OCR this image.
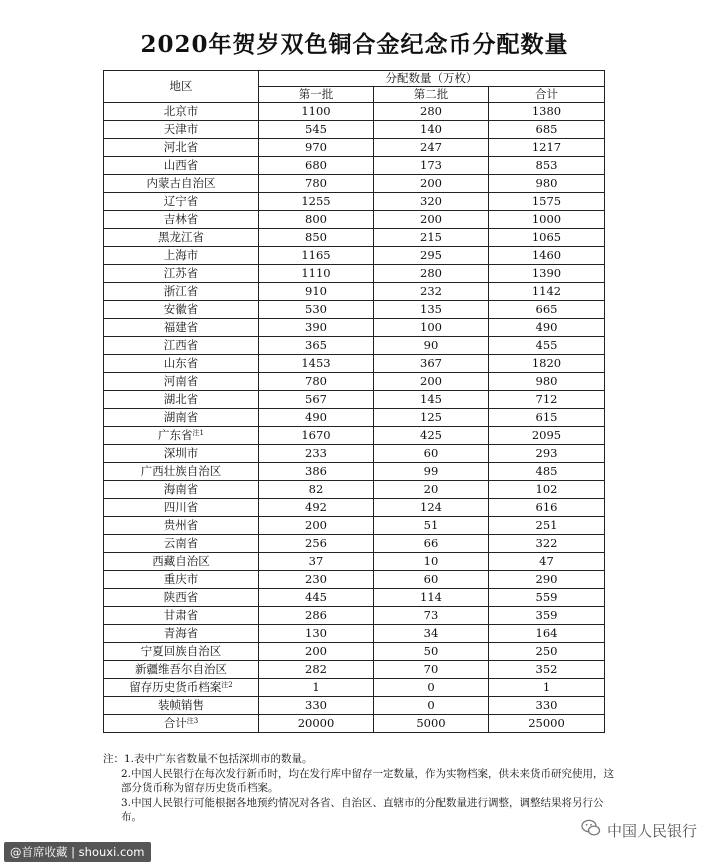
2020年贺岁双色铜合金纪念币分配数量
地区	分配数量（万枚）		
	第一批	第二批	合计
北京市	1100	280	1380
天津市	545	140	685
河北省	970	247	1217
山西省	680	173	853
内蒙古自治区	780	200	980
辽宁省	1255	320	1575
吉林省	800	200	1000
黑龙江省	850	215	1065
上海市	1165	295	1460
江苏省	1110	280	1390
浙江省	910	232	1142
安徽省	530	135	665
福建省	390	100	490
江西省	365	90	455
山东省	1453	367	1820
河南省	780	200	980
湖北省	567	145	712
湖南省	490	125	615
广东省$^{注1}$	1670	425	2095
深圳市	233	60	293
广西壮族自治区	386	99	485
海南省	82	20	102
四川省	492	124	616
贵州省	200	51	251
云南省	256	66	322
西藏自治区	37	10	47
重庆市	230	60	290
陕西省	445	114	559
甘肃省	286	73	359
青海省	130	34	164
宁夏回族自治区	200	50	250
新疆维吾尔自治区	282	70	352
留存历史货币档案$^{注2}$	1	0	1
装帧销售	330	0	330
合计$^{注3}$	20000	5000	25000

注：1.表中广东省数量不包括深圳市的数量。

2.中国人民银行在每次发行新币时，均在发行库中留存一定数量，作为实物档案，供未来货币研究使用，这部分货币称为留存历史货币档案。

3.中国人民银行可能根据各地预约情况对各省、自治区、直辖市的分配数量进行调整，调整结果将另行公布。

@首席收藏 | shouxi.com
中国人民银行
